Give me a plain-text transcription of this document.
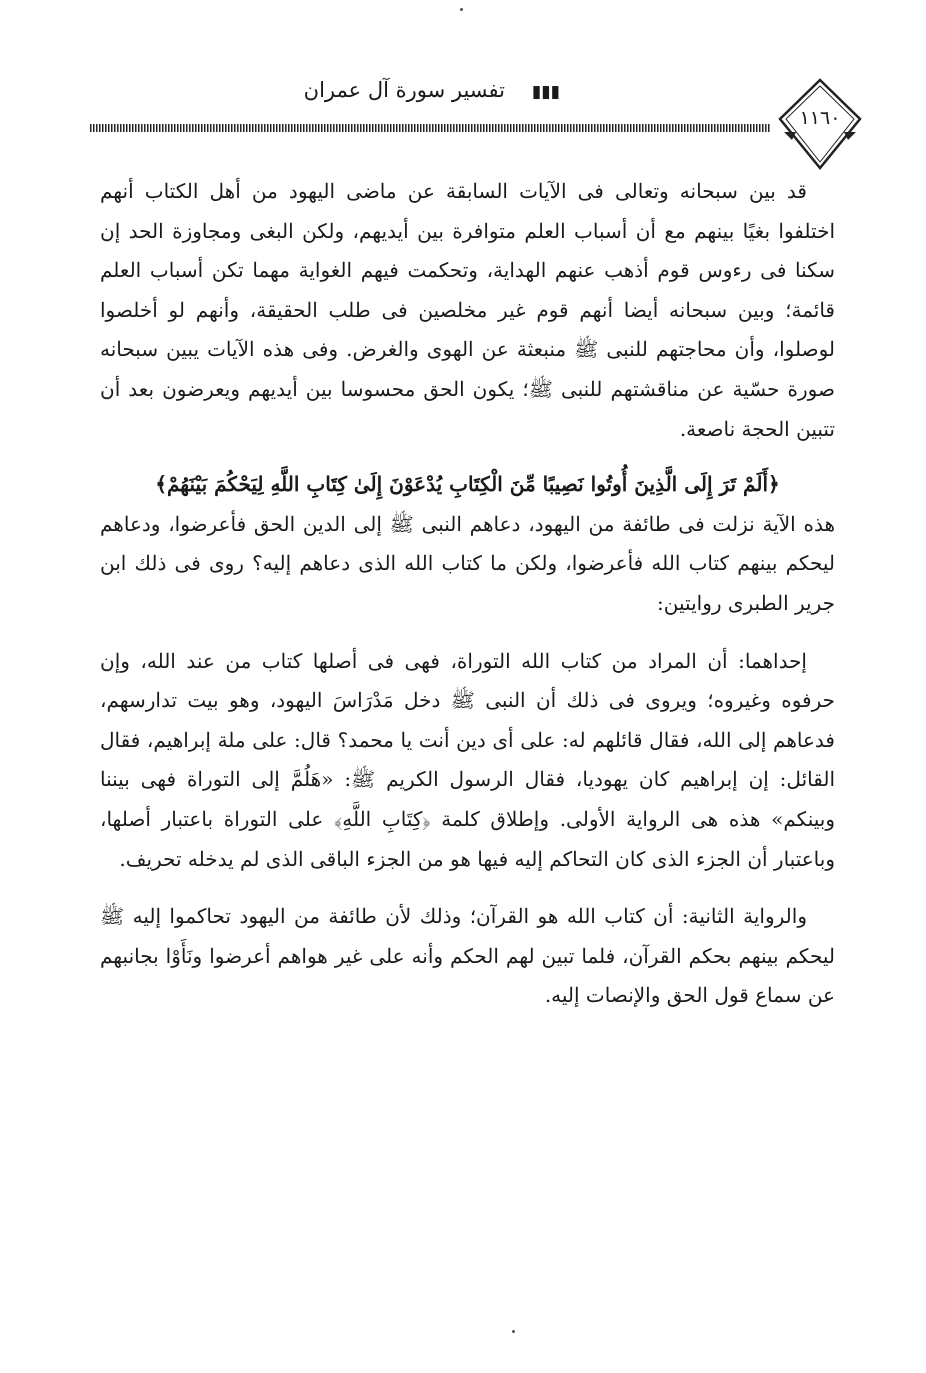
تفسير سورة آل عمران ▮▮▮
١١٦٠

قد بين سبحانه وتعالى فى الآيات السابقة عن ماضى اليهود من أهل الكتاب أنهم اختلفوا بغيًا بينهم مع أن أسباب العلم متوافرة بين أيديهم، ولكن البغى ومجاوزة الحد إن سكنا فى رءوس قوم أذهب عنهم الهداية، وتحكمت فيهم الغواية مهما تكن أسباب العلم قائمة؛ وبين سبحانه أيضا أنهم قوم غير مخلصين فى طلب الحقيقة، وأنهم لو أخلصوا لوصلوا، وأن محاجتهم للنبى ﷺ منبعثة عن الهوى والغرض. وفى هذه الآيات يبين سبحانه صورة حسّية عن مناقشتهم للنبى ﷺ؛ يكون الحق محسوسا بين أيديهم ويعرضون بعد أن تتبين الحجة ناصعة.

﴿أَلَمْ تَرَ إِلَى الَّذِينَ أُوتُوا نَصِيبًا مِّنَ الْكِتَابِ يُدْعَوْنَ إِلَىٰ كِتَابِ اللَّهِ لِيَحْكُمَ بَيْنَهُمْ﴾

هذه الآية نزلت فى طائفة من اليهود، دعاهم النبى ﷺ إلى الدين الحق فأعرضوا، ودعاهم ليحكم بينهم كتاب الله فأعرضوا، ولكن ما كتاب الله الذى دعاهم إليه؟ روى فى ذلك ابن جرير الطبرى روايتين:

إحداهما: أن المراد من كتاب الله التوراة، فهى فى أصلها كتاب من عند الله، وإن حرفوه وغيروه؛ ويروى فى ذلك أن النبى ﷺ دخل مَدْرَاسَ اليهود، وهو بيت تدارسهم، فدعاهم إلى الله، فقال قائلهم له: على أى دين أنت يا محمد؟ قال: على ملة إبراهيم، فقال القائل: إن إبراهيم كان يهوديا، فقال الرسول الكريم ﷺ: «هَلُمَّ إلى التوراة فهى بيننا وبينكم» هذه هى الرواية الأولى. وإطلاق كلمة ﴿كِتَابِ اللَّهِ﴾ على التوراة باعتبار أصلها، وباعتبار أن الجزء الذى كان التحاكم إليه فيها هو من الجزء الباقى الذى لم يدخله تحريف.

والرواية الثانية: أن كتاب الله هو القرآن؛ وذلك لأن طائفة من اليهود تحاكموا إليه ﷺ ليحكم بينهم بحكم القرآن، فلما تبين لهم الحكم وأنه على غير هواهم أعرضوا ونَأَوْا بجانبهم عن سماع قول الحق والإنصات إليه.
